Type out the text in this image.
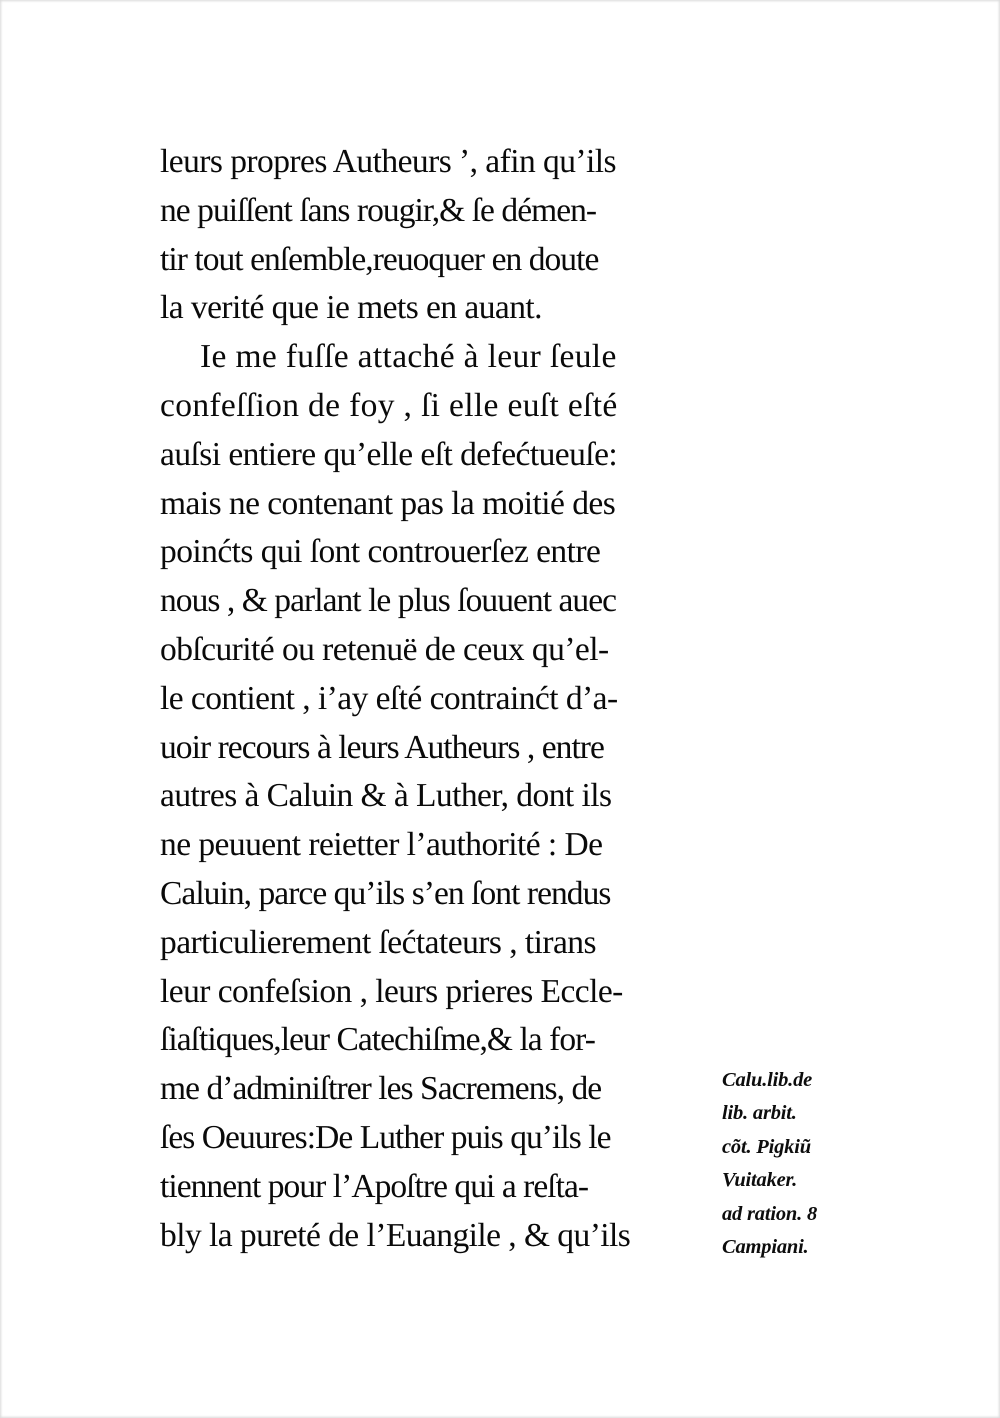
leurs propres Autheurs ʼ, afin qu’ils
ne puiſſent ſans rougir,& ſe démen-
tir tout enſemble,reuoquer en doute
la verité que ie mets en auant.
Ie me fuſſe attaché à leur ſeule
confeſſion de foy , ſi elle euſt eſté
auſsi entiere qu’elle eſt defećtueuſe:
mais ne contenant pas la moitié des
poinćts qui ſont controuerſez entre
nous , & parlant le plus ſouuent auec
obſcurité ou retenuë de ceux qu’el-
le contient , i’ay eſté contrainćt d’a-
uoir recours à leurs Autheurs , entre
autres à Caluin & à Luther, dont ils
ne peuuent reietter l’authorité : De
Caluin, parce qu’ils s’en ſont rendus
particulierement ſećtateurs , tirans
leur confeſsion , leurs prieres Eccle-
ſiaſtiques,leur Catechiſme,& la for-
me d’adminiſtrer les Sacremens, de
ſes Oeuures:De Luther puis qu’ils le
tiennent pour l’Apoſtre qui a reſta-
bly la pureté de l’Euangile , & qu’ils
Calu.lib.de
lib. arbit.
cõt. Pigkiũ
Vuitaker.
ad ration. 8
Campiani.
